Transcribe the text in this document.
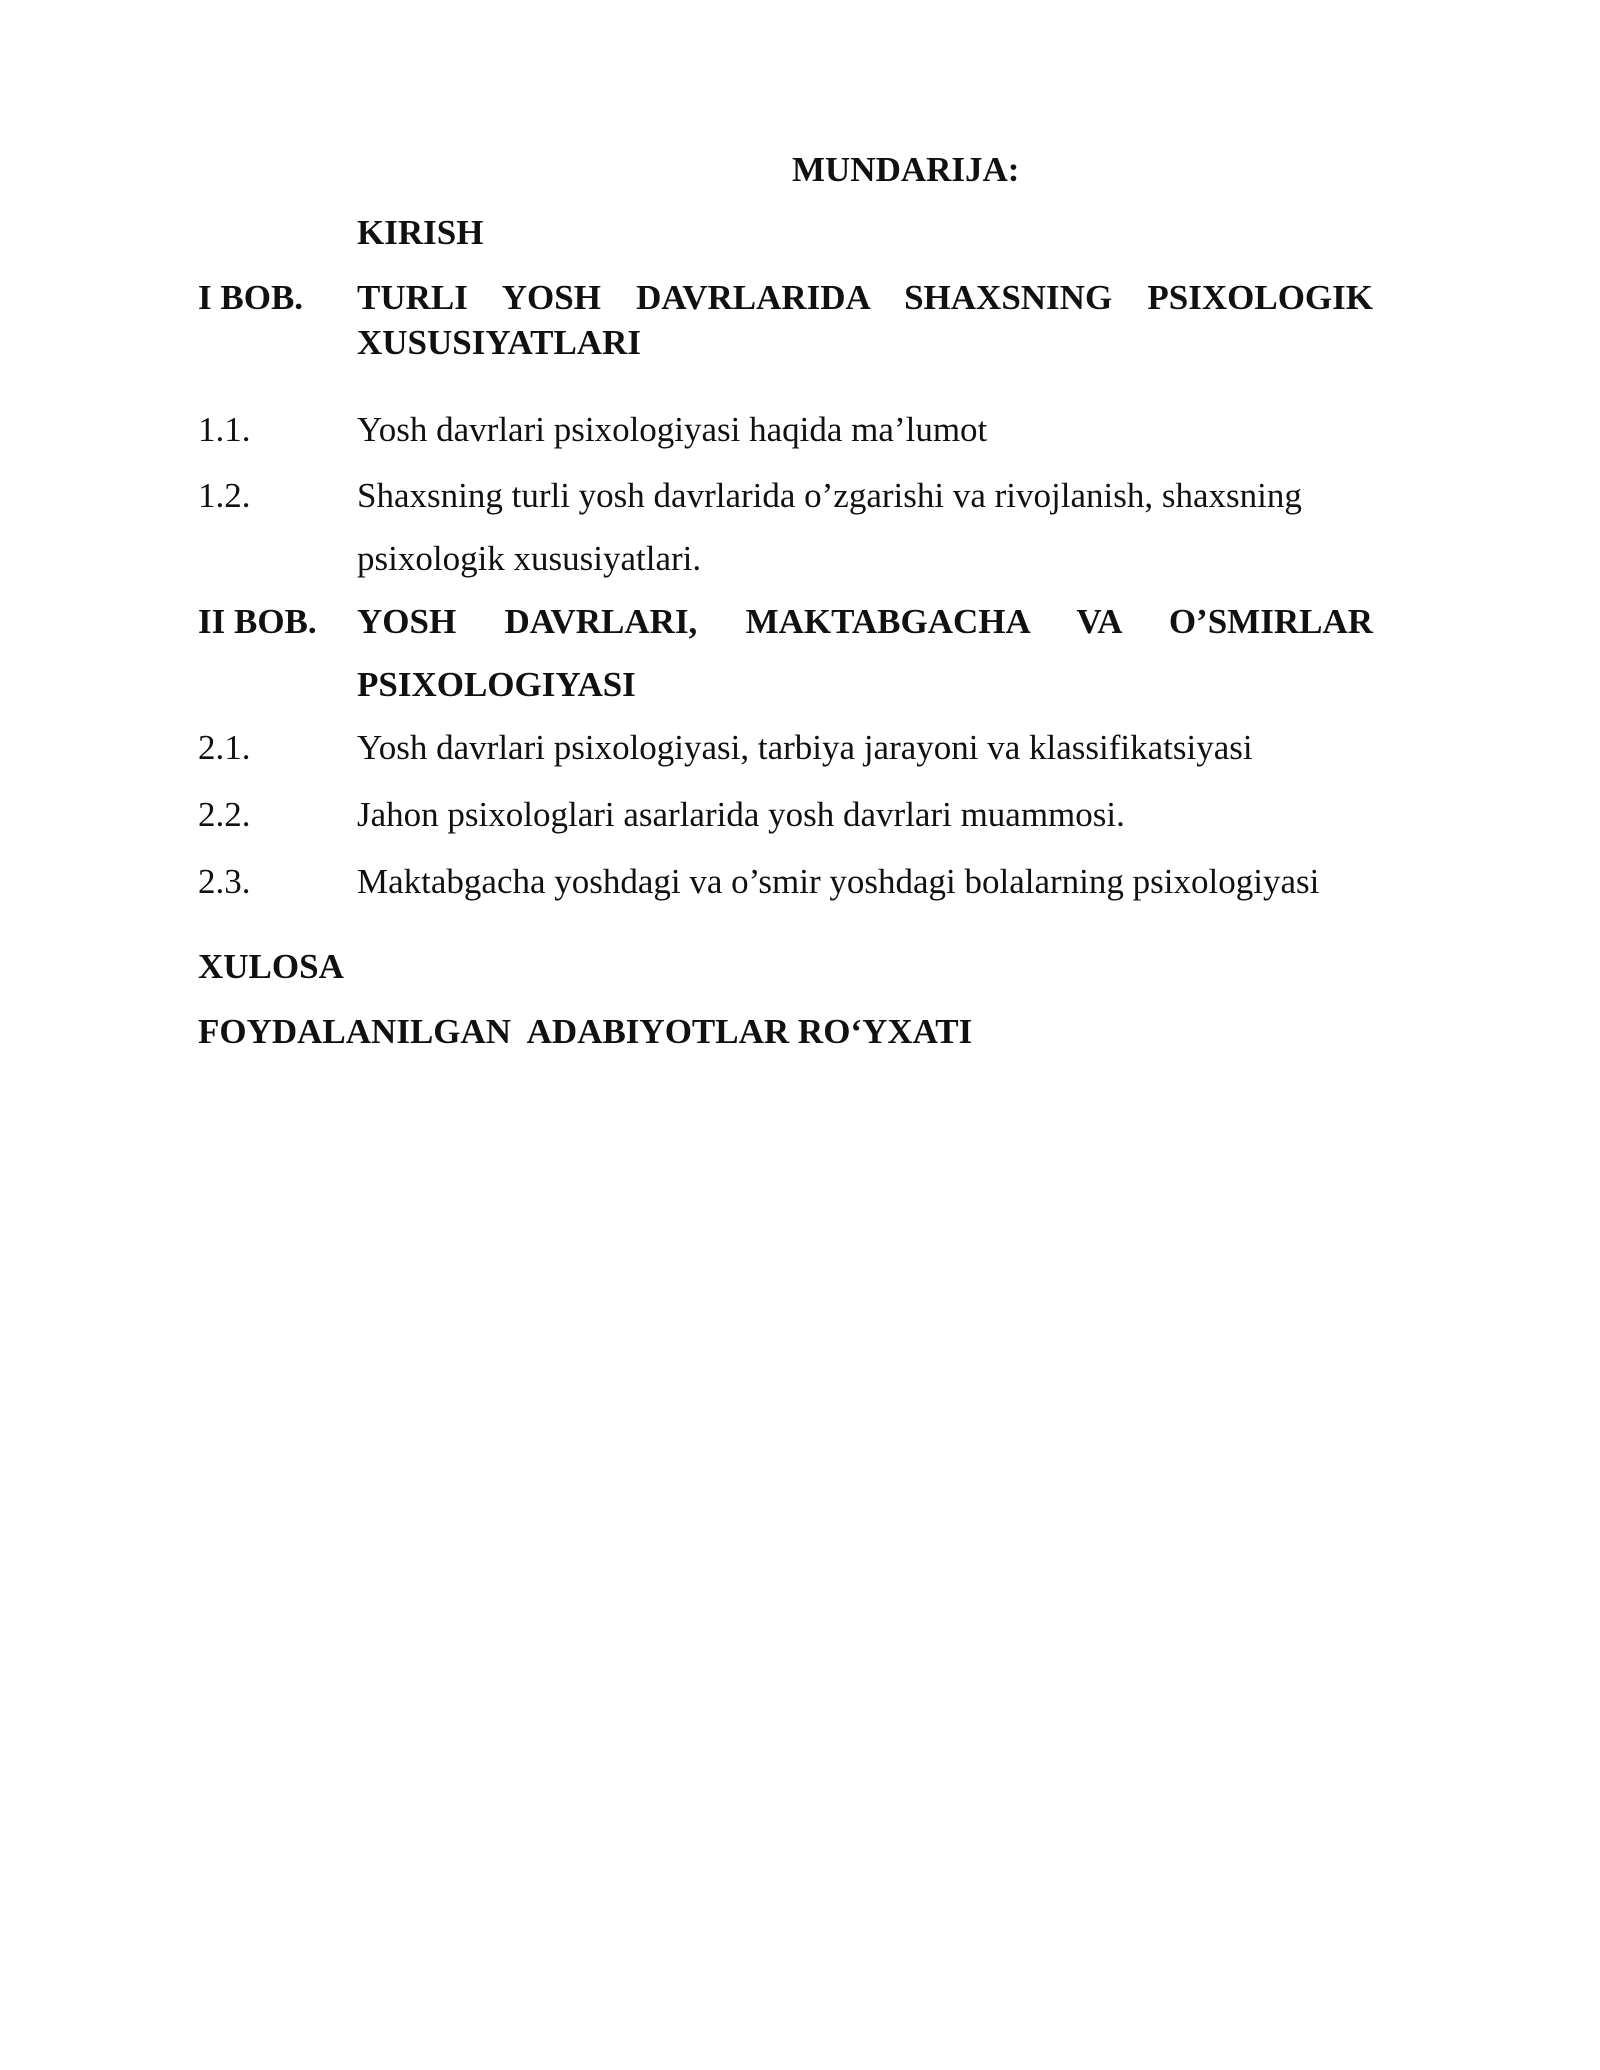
MUNDARIJA:
KIRISH
I BOB. TURLI YOSH DAVRLARIDA SHAXSNING PSIXOLOGIK
XUSUSIYATLARI
1.1.	Yosh davrlari psixologiyasi haqida ma’lumot
1.2.	Shaxsning turli yosh davrlarida o’zgarishi va rivojlanish, shaxsning
psixologik xususiyatlari.
II BOB. YOSH DAVRLARI, MAKTABGACHA VA O’SMIRLAR
PSIXOLOGIYASI
2.1.	Yosh davrlari psixologiyasi, tarbiya jarayoni va klassifikatsiyasi
2.2.	Jahon psixologlari asarlarida yosh davrlari muammosi.
2.3.	Maktabgacha yoshdagi va o’smir yoshdagi bolalarning psixologiyasi
XULOSA
FOYDALANILGAN  ADABIYOTLAR RO‘YXATI
